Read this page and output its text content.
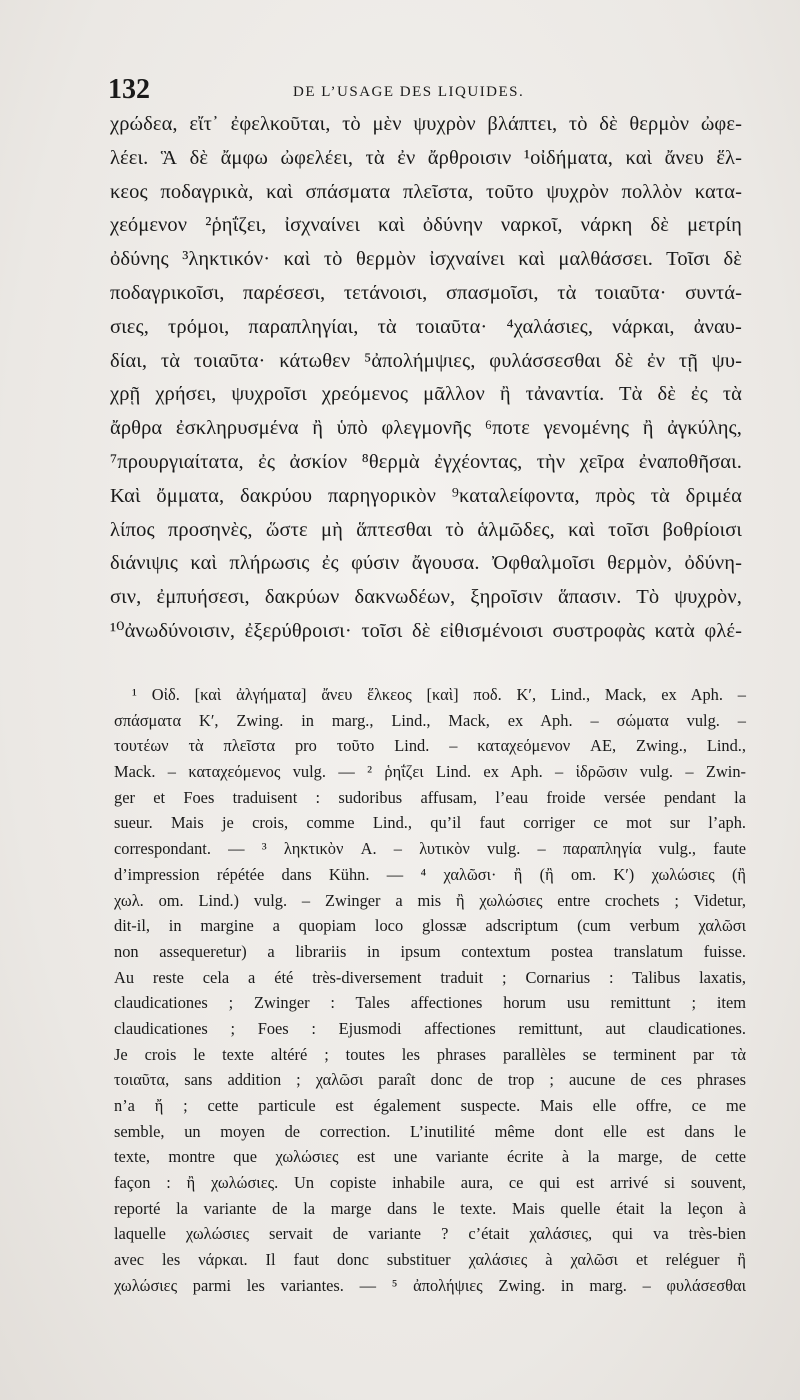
132	DE L’USAGE DES LIQUIDES.
χρώδεα, εἴτ᾿ ἐφελκοῦται, τὸ μὲν ψυχρὸν βλάπτει, τὸ δὲ θερμὸν ὠφε-
λέει. Ἃ δὲ ἄμφω ὠφελέει, τὰ ἐν ἄρθροισιν ¹οἰδήματα, καὶ ἄνευ ἕλ-
κεος ποδαγρικὰ, καὶ σπάσματα πλεῖστα, τοῦτο ψυχρὸν πολλὸν κατα-
χεόμενον ²ῥηΐζει, ἰσχναίνει καὶ ὀδύνην ναρκοῖ, νάρκη δὲ μετρίη
ὀδύνης ³ληκτικόν· καὶ τὸ θερμὸν ἰσχναίνει καὶ μαλθάσσει. Τοῖσι δὲ
ποδαγρικοῖσι, παρέσεσι, τετάνοισι, σπασμοῖσι, τὰ τοιαῦτα· συντά-
σιες, τρόμοι, παραπληγίαι, τὰ τοιαῦτα· ⁴χαλάσιες, νάρκαι, ἀναυ-
δίαι, τὰ τοιαῦτα· κάτωθεν ⁵ἀπολήμψιες, φυλάσσεσθαι δὲ ἐν τῇ ψυ-
χρῇ χρήσει, ψυχροῖσι χρεόμενος μᾶλλον ἢ τἀναντία. Τὰ δὲ ἐς τὰ
ἄρθρα ἐσκληρυσμένα ἢ ὑπὸ φλεγμονῆς ⁶ποτε γενομένης ἢ ἀγκύλης,
⁷προυργιαίτατα, ἐς ἀσκίον ⁸θερμὰ ἐγχέοντας, τὴν χεῖρα ἐναποθῆσαι.
Καὶ ὄμματα, δακρύου παρηγορικὸν ⁹καταλείφοντα, πρὸς τὰ δριμέα
λίπος προσηνὲς, ὥστε μὴ ἅπτεσθαι τὸ ἁλμῶδες, καὶ τοῖσι βοθρίοισι
διάνιψις καὶ πλήρωσις ἐς φύσιν ἄγουσα. Ὀφθαλμοῖσι θερμὸν, ὀδύνη-
σιν, ἐμπυήσεσι, δακρύων δακνωδέων, ξηροῖσιν ἅπασιν. Τὸ ψυχρὸν,
¹⁰ἀνωδύνοισιν, ἐξερύθροισι· τοῖσι δὲ εἰθισμένοισι συστροφὰς κατὰ φλέ-
¹ Οἰδ. [καὶ ἀλγήματα] ἄνευ ἕλκεος [καὶ] ποδ. K′, Lind., Mack, ex Aph. –
σπάσματα K′, Zwing. in marg., Lind., Mack, ex Aph. – σώματα vulg. –
τουτέων τὰ πλεῖστα pro τοῦτο Lind. – καταχεόμενον AE, Zwing., Lind.,
Mack. – καταχεόμενος vulg. — ² ῥηΐζει Lind. ex Aph. – ἱδρῶσιν vulg. – Zwin-
ger et Foes traduisent : sudoribus affusam, l’eau froide versée pendant la
sueur. Mais je crois, comme Lind., qu’il faut corriger ce mot sur l’aph.
correspondant. — ³ ληκτικὸν A. – λυτικὸν vulg. – παραπληγία vulg., faute
d’impression répétée dans Kühn. — ⁴ χαλῶσι· ἢ (ἢ om. K′) χωλώσιες (ἢ
χωλ. om. Lind.) vulg. – Zwinger a mis ἢ χωλώσιες entre crochets ; Videtur,
dit-il, in margine a quopiam loco glossæ adscriptum (cum verbum χαλῶσι
non assequeretur) a librariis in ipsum contextum postea translatum fuisse.
Au reste cela a été très-diversement traduit ; Cornarius : Talibus laxatis,
claudicationes ; Zwinger : Tales affectiones horum usu remittunt ; item
claudicationes ; Foes : Ejusmodi affectiones remittunt, aut claudicationes.
Je crois le texte altéré ; toutes les phrases parallèles se terminent par τὰ
τοιαῦτα, sans addition ; χαλῶσι paraît donc de trop ; aucune de ces phrases
n’a ἤ ; cette particule est également suspecte. Mais elle offre, ce me
semble, un moyen de correction. L’inutilité même dont elle est dans le
texte, montre que χωλώσιες est une variante écrite à la marge, de cette
façon : ἢ χωλώσιες. Un copiste inhabile aura, ce qui est arrivé si souvent,
reporté la variante de la marge dans le texte. Mais quelle était la leçon à
laquelle χωλώσιες servait de variante ? c’était χαλάσιες, qui va très-bien
avec les νάρκαι. Il faut donc substituer χαλάσιες à χαλῶσι et reléguer ἢ
χωλώσιες parmi les variantes. — ⁵ ἀπολήψιες Zwing. in marg. – φυλάσεσθαι
